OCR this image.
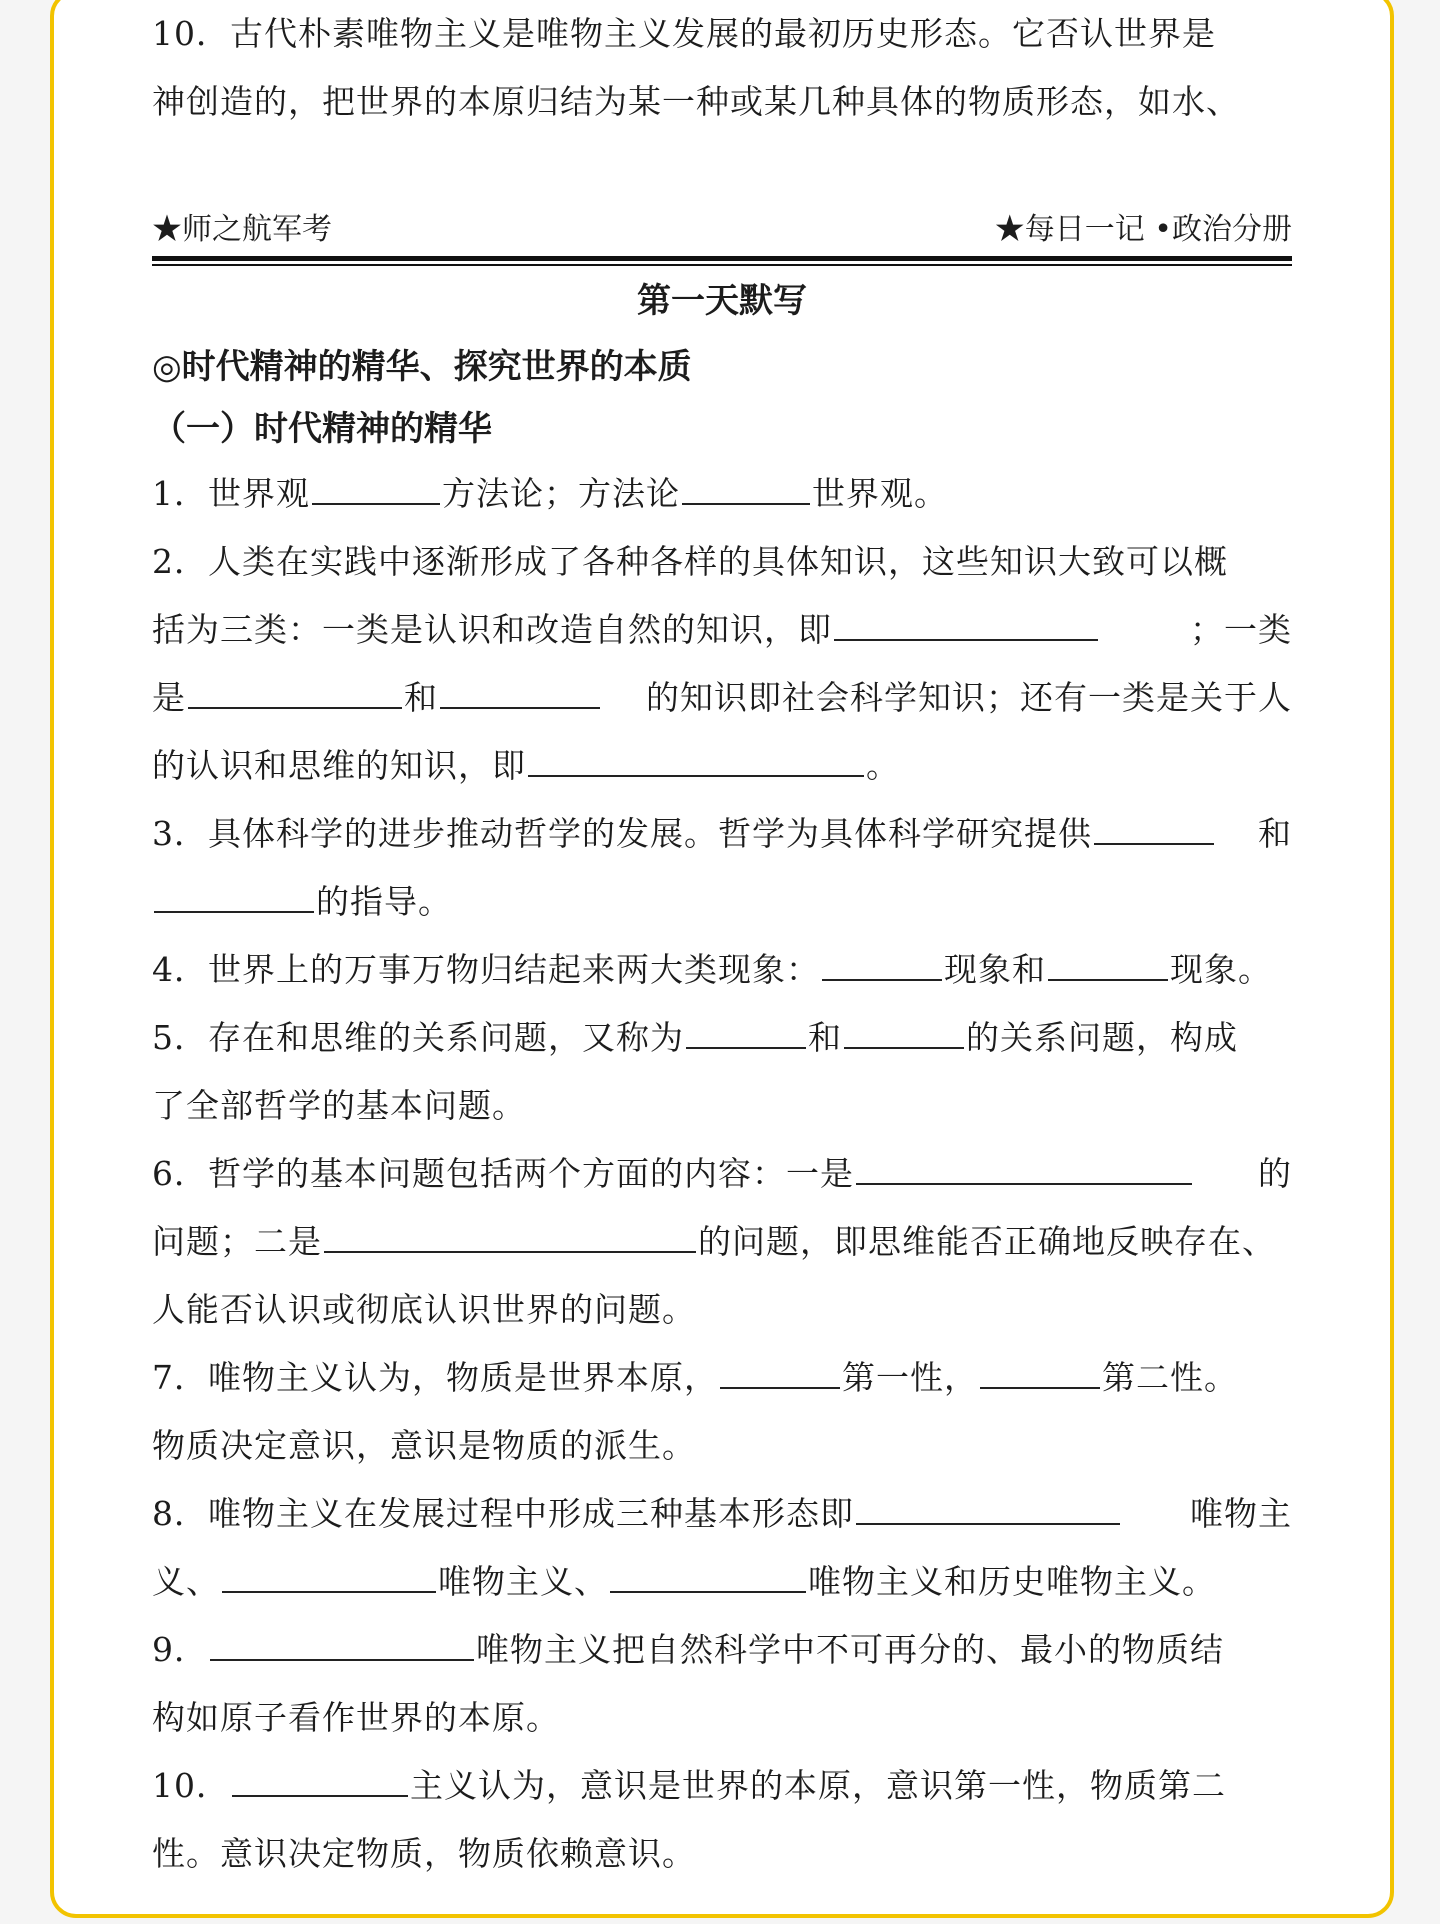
10．古代朴素唯物主义是唯物主义发展的最初历史形态。它否认世界是

神创造的，把世界的本原归结为某一种或某几种具体的物质形态，如水、

★师之航军考	★每日一记 •政治分册

第一天默写

◎时代精神的精华、探究世界的本质

（一）时代精神的精华

1．世界观	方法论；方法论	世界观。

2．人类在实践中逐渐形成了各种各样的具体知识，这些知识大致可以概

括为三类：一类是认识和改造自然的知识，即	；一类

是	和	的知识即社会科学知识；还有一类是关于人

的认识和思维的知识，即	。

3．具体科学的进步推动哲学的发展。哲学为具体科学研究提供	和

的指导。

4．世界上的万事万物归结起来两大类现象：	现象和	现象。

5．存在和思维的关系问题，又称为	和	的关系问题，构成

了全部哲学的基本问题。

6．哲学的基本问题包括两个方面的内容：一是	的

问题；二是	的问题，即思维能否正确地反映存在、

人能否认识或彻底认识世界的问题。

7．唯物主义认为，物质是世界本原，	第一性，	第二性。

物质决定意识，意识是物质的派生。

8．唯物主义在发展过程中形成三种基本形态即	唯物主

义、	唯物主义、	唯物主义和历史唯物主义。

9．	唯物主义把自然科学中不可再分的、最小的物质结

构如原子看作世界的本原。

10．	主义认为，意识是世界的本原，意识第一性，物质第二

性。意识决定物质，物质依赖意识。
